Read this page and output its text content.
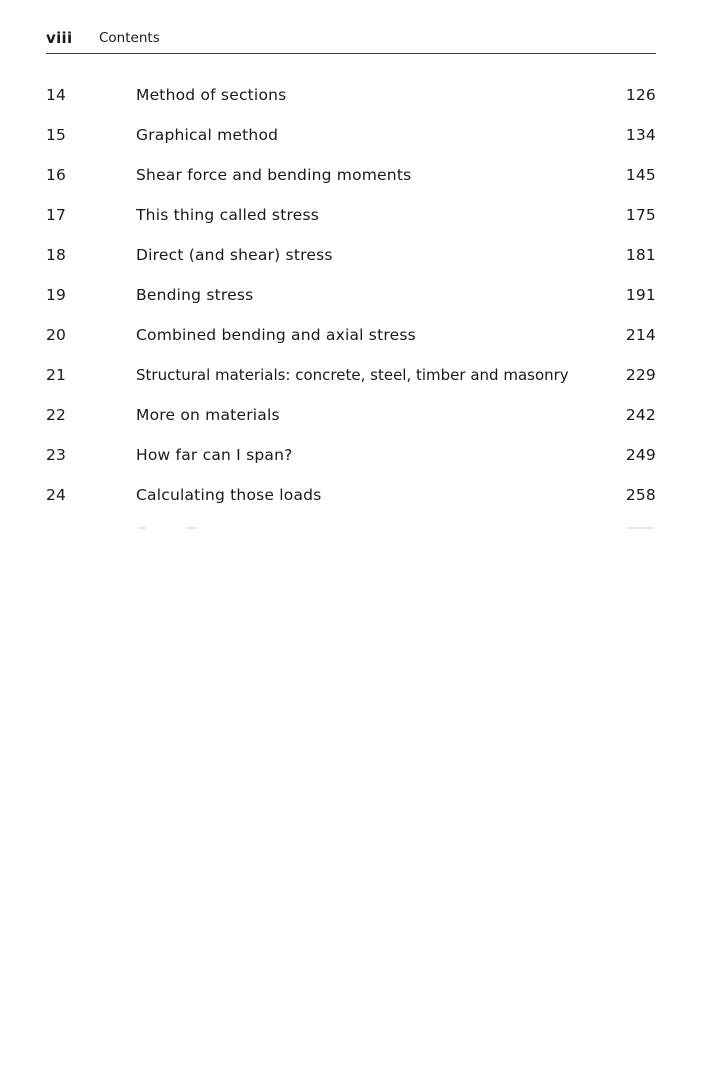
viii Contents
14	Method of sections	126
15	Graphical method	134
16	Shear force and bending moments	145
17	This thing called stress	175
18	Direct (and shear) stress	181
19	Bending stress	191
20	Combined bending and axial stress	214
21	Structural materials: concrete, steel, timber and masonry	229
22	More on materials	242
23	How far can I span?	249
24	Calculating those loads	258
